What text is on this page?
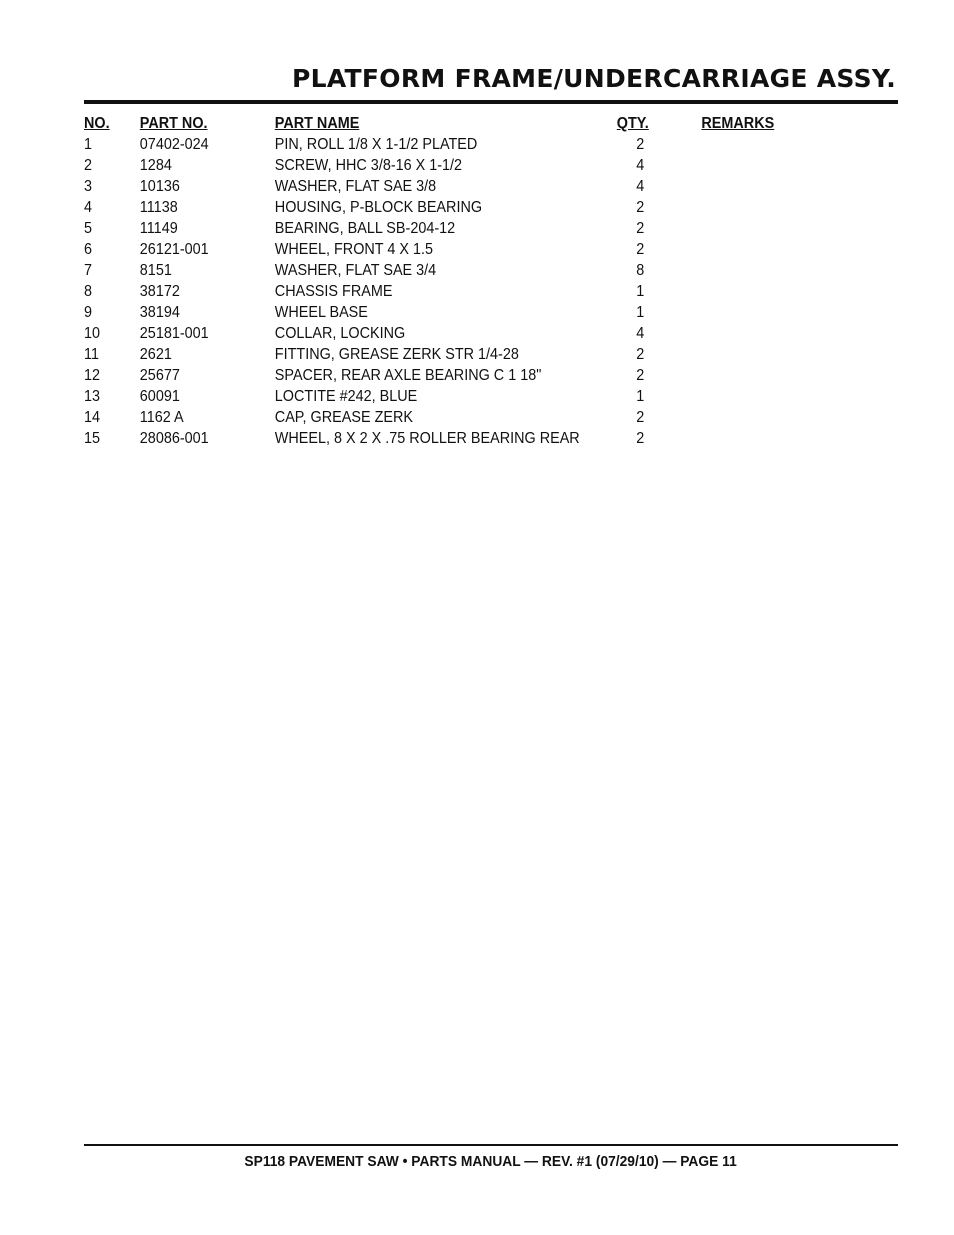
PLATFORM FRAME/UNDERCARRIAGE ASSY.
NO. PART NO.	PART NAME	QTY.	REMARKS
1	07402-024	PIN, ROLL 1/8 X 1-1/2 PLATED	2
2	1284	SCREW, HHC 3/8-16 X 1-1/2	4
3	10136	WASHER, FLAT SAE 3/8	4
4	11138	HOUSING, P-BLOCK BEARING	2
5	11149	BEARING, BALL SB-204-12	2
6	26121-001	WHEEL, FRONT 4 X 1.5	2
7	8151	WASHER, FLAT SAE 3/4	8
8	38172	CHASSIS FRAME	1
9	38194	WHEEL BASE	1
10 25181-001	COLLAR, LOCKING	4
11	2621	FITTING, GREASE ZERK STR 1/4-28	2
12 25677	SPACER, REAR AXLE BEARING C 1 18"	2
13 60091	LOCTITE #242, BLUE	1
14 1162 A	CAP, GREASE ZERK	2
15 28086-001	WHEEL, 8 X 2 X .75 ROLLER BEARING REAR	2
SP118 PAVEMENT SAW • PARTS MANUAL — REV. #1 (07/29/10) — PAGE 11
